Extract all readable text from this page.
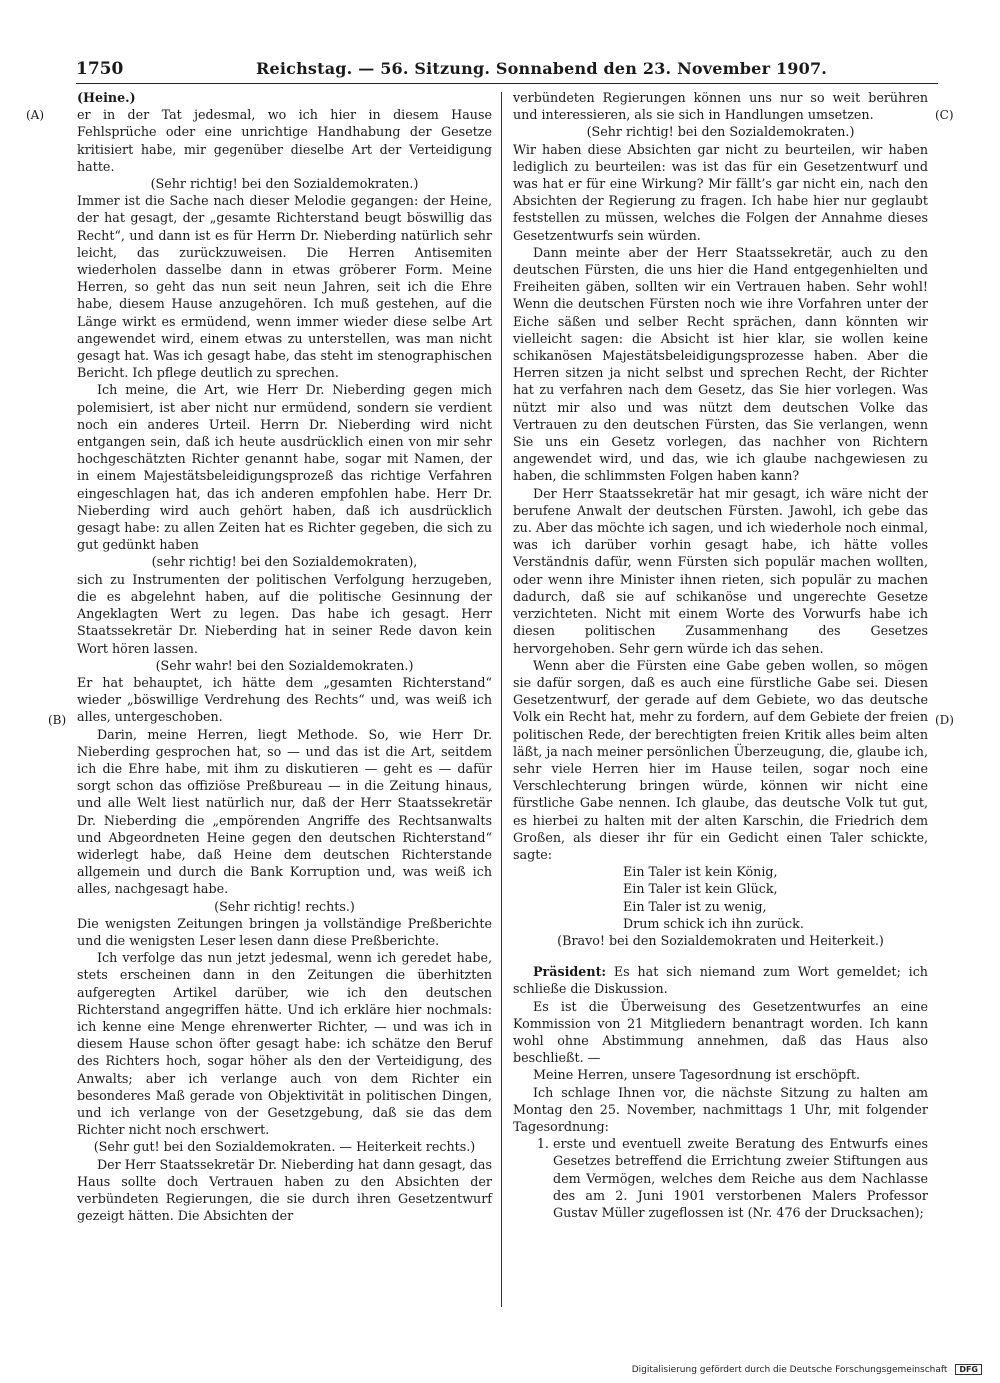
1750	Reichstag. — 56. Sitzung. Sonnabend den 23. November 1907.
(A)
(B)
(C)
(D)

(Heine.)

er in der Tat jedesmal, wo ich hier in diesem Hause Fehlsprüche oder eine unrichtige Handhabung der Gesetze kritisiert habe, mir gegenüber dieselbe Art der Verteidigung hatte.

(Sehr richtig! bei den Sozialdemokraten.)

Immer ist die Sache nach dieser Melodie gegangen: der Heine, der hat gesagt, der „gesamte Richterstand beugt böswillig das Recht“, und dann ist es für Herrn Dr. Nieberding natürlich sehr leicht, das zurückzuweisen. Die Herren Antisemiten wiederholen dasselbe dann in etwas gröberer Form. Meine Herren, so geht das nun seit neun Jahren, seit ich die Ehre habe, diesem Hause anzugehören. Ich muß gestehen, auf die Länge wirkt es ermüdend, wenn immer wieder diese selbe Art angewendet wird, einem etwas zu unterstellen, was man nicht gesagt hat. Was ich gesagt habe, das steht im stenographischen Bericht. Ich pflege deutlich zu sprechen.

Ich meine, die Art, wie Herr Dr. Nieberding gegen mich polemisiert, ist aber nicht nur ermüdend, sondern sie verdient noch ein anderes Urteil. Herrn Dr. Nieberding wird nicht entgangen sein, daß ich heute ausdrücklich einen von mir sehr hochgeschätzten Richter genannt habe, sogar mit Namen, der in einem Majestätsbeleidigungsprozeß das richtige Verfahren eingeschlagen hat, das ich anderen empfohlen habe. Herr Dr. Nieberding wird auch gehört haben, daß ich ausdrücklich gesagt habe: zu allen Zeiten hat es Richter gegeben, die sich zu gut gedünkt haben

(sehr richtig! bei den Sozialdemokraten),

sich zu Instrumenten der politischen Verfolgung herzugeben, die es abgelehnt haben, auf die politische Gesinnung der Angeklagten Wert zu legen. Das habe ich gesagt. Herr Staatssekretär Dr. Nieberding hat in seiner Rede davon kein Wort hören lassen.

(Sehr wahr! bei den Sozialdemokraten.)

Er hat behauptet, ich hätte dem „gesamten Richterstand“ wieder „böswillige Verdrehung des Rechts“ und, was weiß ich alles, untergeschoben.

Darin, meine Herren, liegt Methode. So, wie Herr Dr. Nieberding gesprochen hat, so — und das ist die Art, seitdem ich die Ehre habe, mit ihm zu diskutieren — geht es — dafür sorgt schon das offiziöse Preßbureau — in die Zeitung hinaus, und alle Welt liest natürlich nur, daß der Herr Staatssekretär Dr. Nieberding die „empörenden Angriffe des Rechtsanwalts und Abgeordneten Heine gegen den deutschen Richterstand“ widerlegt habe, daß Heine dem deutschen Richterstande allgemein und durch die Bank Korruption und, was weiß ich alles, nachgesagt habe.

(Sehr richtig! rechts.)

Die wenigsten Zeitungen bringen ja vollständige Preßberichte und die wenigsten Leser lesen dann diese Preßberichte.

Ich verfolge das nun jetzt jedesmal, wenn ich geredet habe, stets erscheinen dann in den Zeitungen die überhitzten aufgeregten Artikel darüber, wie ich den deutschen Richterstand angegriffen hätte. Und ich erkläre hier nochmals: ich kenne eine Menge ehrenwerter Richter, — und was ich in diesem Hause schon öfter gesagt habe: ich schätze den Beruf des Richters hoch, sogar höher als den der Verteidigung, des Anwalts; aber ich verlange auch von dem Richter ein besonderes Maß gerade von Objektivität in politischen Dingen, und ich verlange von der Gesetzgebung, daß sie das dem Richter nicht noch erschwert.

(Sehr gut! bei den Sozialdemokraten. — Heiterkeit rechts.)

Der Herr Staatssekretär Dr. Nieberding hat dann gesagt, das Haus sollte doch Vertrauen haben zu den Absichten der verbündeten Regierungen, die sie durch ihren Gesetzentwurf gezeigt hätten. Die Absichten der

verbündeten Regierungen können uns nur so weit berühren und interessieren, als sie sich in Handlungen umsetzen.

(Sehr richtig! bei den Sozialdemokraten.)

Wir haben diese Absichten gar nicht zu beurteilen, wir haben lediglich zu beurteilen: was ist das für ein Gesetzentwurf und was hat er für eine Wirkung? Mir fällt’s gar nicht ein, nach den Absichten der Regierung zu fragen. Ich habe hier nur geglaubt feststellen zu müssen, welches die Folgen der Annahme dieses Gesetzentwurfs sein würden.

Dann meinte aber der Herr Staatssekretär, auch zu den deutschen Fürsten, die uns hier die Hand entgegenhielten und Freiheiten gäben, sollten wir ein Vertrauen haben. Sehr wohl! Wenn die deutschen Fürsten noch wie ihre Vorfahren unter der Eiche säßen und selber Recht sprächen, dann könnten wir vielleicht sagen: die Absicht ist hier klar, sie wollen keine schikanösen Majestätsbeleidigungsprozesse haben. Aber die Herren sitzen ja nicht selbst und sprechen Recht, der Richter hat zu verfahren nach dem Gesetz, das Sie hier vorlegen. Was nützt mir also und was nützt dem deutschen Volke das Vertrauen zu den deutschen Fürsten, das Sie verlangen, wenn Sie uns ein Gesetz vorlegen, das nachher von Richtern angewendet wird, und das, wie ich glaube nachgewiesen zu haben, die schlimmsten Folgen haben kann?

Der Herr Staatssekretär hat mir gesagt, ich wäre nicht der berufene Anwalt der deutschen Fürsten. Jawohl, ich gebe das zu. Aber das möchte ich sagen, und ich wiederhole noch einmal, was ich darüber vorhin gesagt habe, ich hätte volles Verständnis dafür, wenn Fürsten sich populär machen wollten, oder wenn ihre Minister ihnen rieten, sich populär zu machen dadurch, daß sie auf schikanöse und ungerechte Gesetze verzichteten. Nicht mit einem Worte des Vorwurfs habe ich diesen politischen Zusammenhang des Gesetzes hervorgehoben. Sehr gern würde ich das sehen.

Wenn aber die Fürsten eine Gabe geben wollen, so mögen sie dafür sorgen, daß es auch eine fürstliche Gabe sei. Diesen Gesetzentwurf, der gerade auf dem Gebiete, wo das deutsche Volk ein Recht hat, mehr zu fordern, auf dem Gebiete der freien politischen Rede, der berechtigten freien Kritik alles beim alten läßt, ja nach meiner persönlichen Überzeugung, die, glaube ich, sehr viele Herren hier im Hause teilen, sogar noch eine Verschlechterung bringen würde, können wir nicht eine fürstliche Gabe nennen. Ich glaube, das deutsche Volk tut gut, es hierbei zu halten mit der alten Karschin, die Friedrich dem Großen, als dieser ihr für ein Gedicht einen Taler schickte, sagte:

Ein Taler ist kein König,
Ein Taler ist kein Glück,
Ein Taler ist zu wenig,
Drum schick ich ihn zurück.

(Bravo! bei den Sozialdemokraten und Heiterkeit.)

Präsident: Es hat sich niemand zum Wort gemeldet; ich schließe die Diskussion.

Es ist die Überweisung des Gesetzentwurfes an eine Kommission von 21 Mitgliedern benantragt worden. Ich kann wohl ohne Abstimmung annehmen, daß das Haus also beschließt. —

Meine Herren, unsere Tagesordnung ist erschöpft.

Ich schlage Ihnen vor, die nächste Sitzung zu halten am Montag den 25. November, nachmittags 1 Uhr, mit folgender Tagesordnung:

1. erste und eventuell zweite Beratung des Entwurfs eines Gesetzes betreffend die Errichtung zweier Stiftungen aus dem Vermögen, welches dem Reiche aus dem Nachlasse des am 2. Juni 1901 verstorbenen Malers Professor Gustav Müller zugeflossen ist (Nr. 476 der Drucksachen);
Digitalisierung gefördert durch die Deutsche Forschungsgemeinschaft DFG
